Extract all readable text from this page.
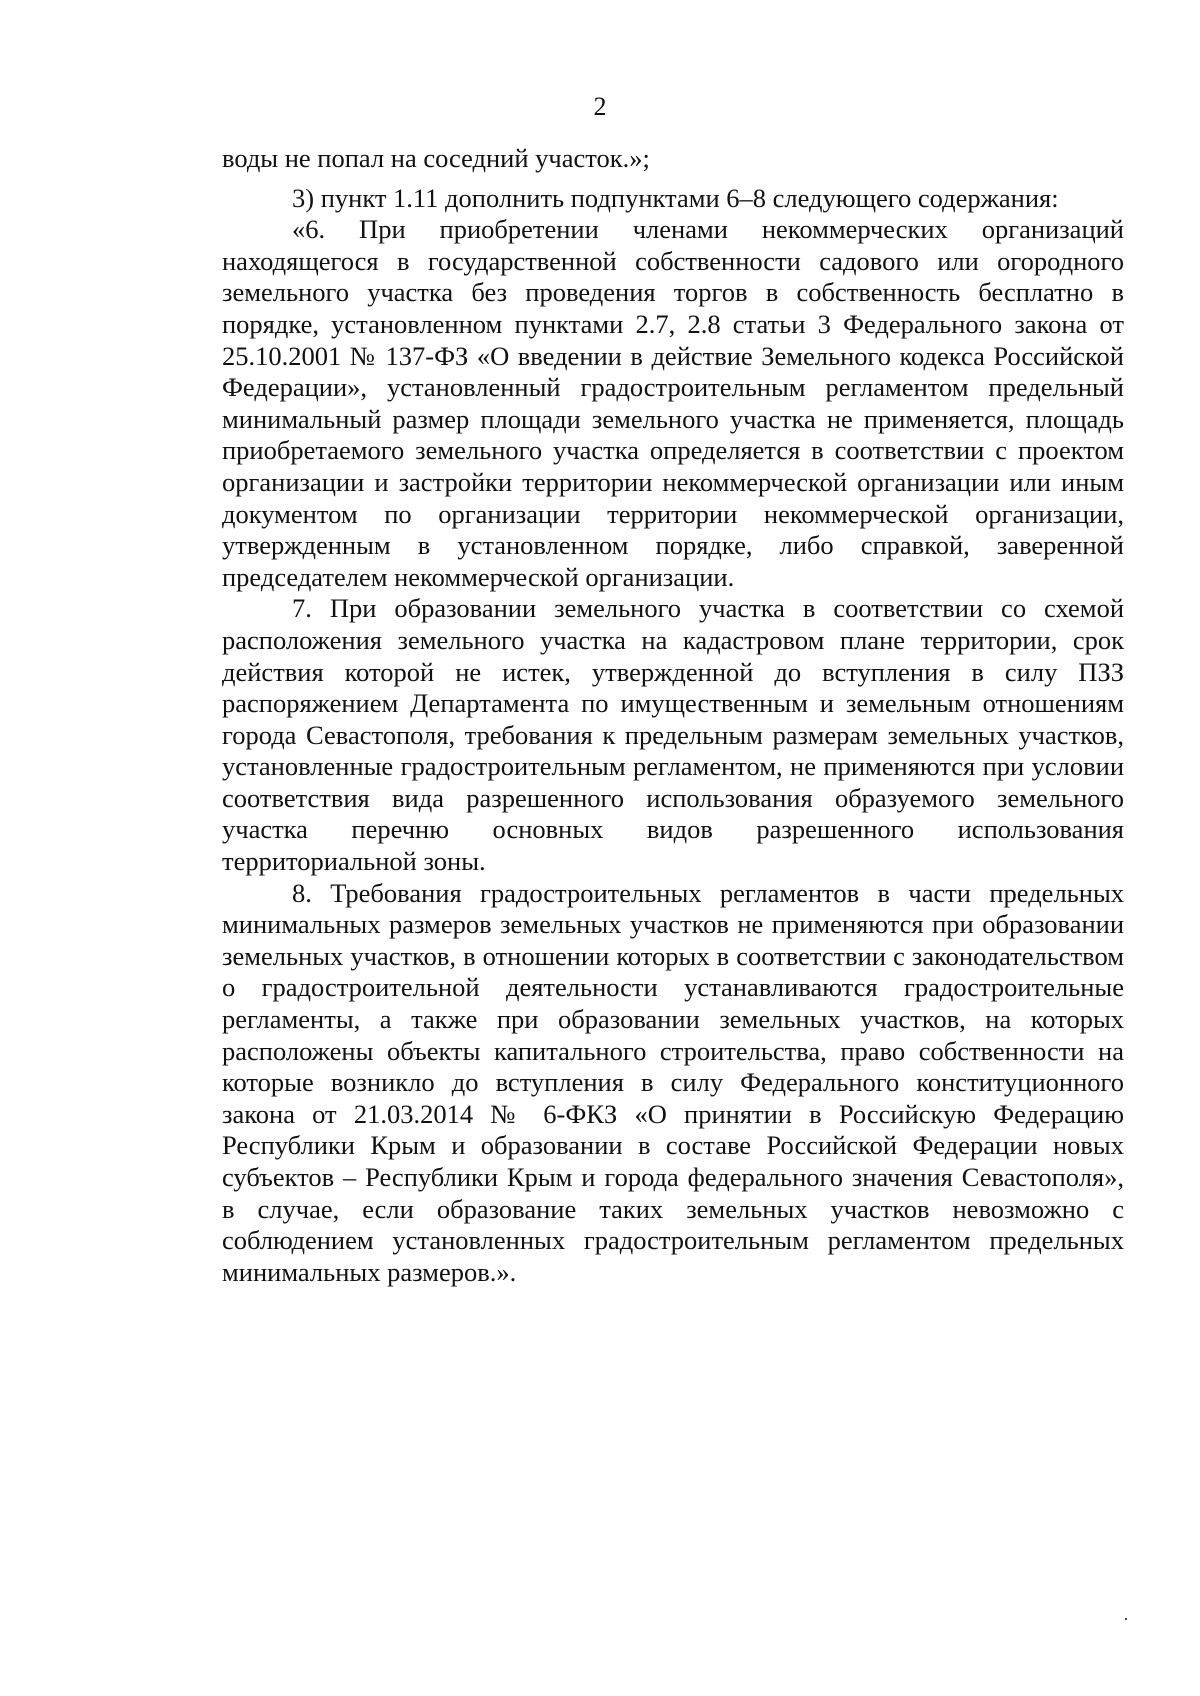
2

воды не попал на соседний участок.»;

3) пункт 1.11 дополнить подпунктами 6–8 следующего содержания:

«6. При приобретении членами некоммерческих организаций находящегося в государственной собственности садового или огородного земельного участка без проведения торгов в собственность бесплатно в порядке, установленном пунктами 2.7, 2.8 статьи 3 Федерального закона от 25.10.2001 № 137-ФЗ «О введении в действие Земельного кодекса Российской Федерации», установленный градостроительным регламентом предельный минимальный размер площади земельного участка не применяется, площадь приобретаемого земельного участка определяется в соответствии с проектом организации и застройки территории некоммерческой организации или иным документом по организации территории некоммерческой организации, утвержденным в установленном порядке, либо справкой, заверенной председателем некоммерческой организации.

7. При образовании земельного участка в соответствии со схемой расположения земельного участка на кадастровом плане территории, срок действия которой не истек, утвержденной до вступления в силу ПЗЗ распоряжением Департамента по имущественным и земельным отношениям города Севастополя, требования к предельным размерам земельных участков, установленные градостроительным регламентом, не применяются при условии соответствия вида разрешенного использования образуемого земельного участка перечню основных видов разрешенного использования территориальной зоны.

8. Требования градостроительных регламентов в части предельных минимальных размеров земельных участков не применяются при образовании земельных участков, в отношении которых в соответствии с законодательством о градостроительной деятельности устанавливаются градостроительные регламенты, а также при образовании земельных участков, на которых расположены объекты капитального строительства, право собственности на которые возникло до вступления в силу Федерального конституционного закона от 21.03.2014 № 6-ФКЗ «О принятии в Российскую Федерацию Республики Крым и образовании в составе Российской Федерации новых субъектов – Республики Крым и города федерального значения Севастополя», в случае, если образование таких земельных участков невозможно с соблюдением установленных градостроительным регламентом предельных минимальных размеров.».
